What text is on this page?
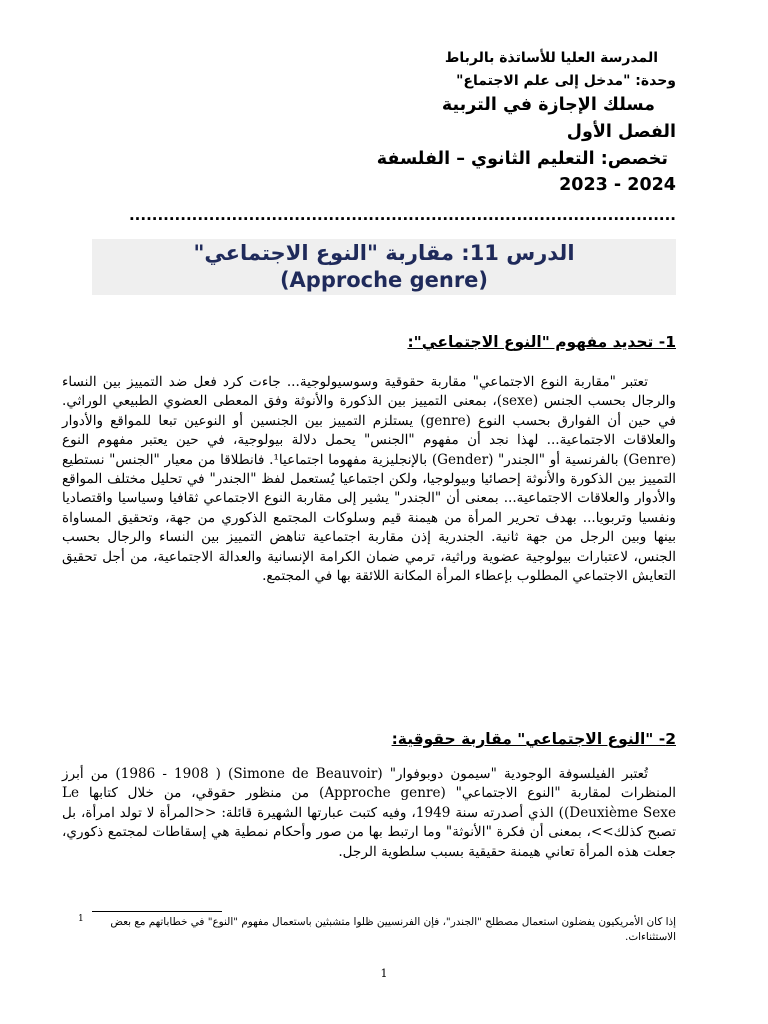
المدرسة العليا للأساتذة بالرباط
وحدة: "مدخل إلى علم الاجتماع"
مسلك الإجازة في التربية
الفصل الأول
تخصص: التعليم الثانوي – الفلسفة
2023 - 2024
................................................................................................
الدرس 11: مقاربة "النوع الاجتماعي"
(Approche genre)
1- تحديد مفهوم "النوع الاجتماعي":

تعتبر "مقاربة النوع الاجتماعي" مقاربة حقوقية وسوسيولوجية... جاءت كرد فعل ضد التمييز بين النساء والرجال بحسب الجنس (sexe)، بمعنى التمييز بين الذكورة والأنوثة وفق المعطى العضوي الطبيعي الوراثي. في حين أن الفوارق بحسب النوع (genre) يستلزم التمييز بين الجنسين أو النوعين تبعا للمواقع والأدوار والعلاقات الاجتماعية... لهذا نجد أن مفهوم "الجنس" يحمل دلالة بيولوجية، في حين يعتبر مفهوم النوع (Genre) بالفرنسية أو "الجندر" (Gender) بالإنجليزية مفهوما اجتماعيا¹. فانطلاقا من معيار "الجنس" نستطيع التمييز بين الذكورة والأنوثة إحصائيا وبيولوجيا، ولكن اجتماعيا يُستعمل لفظ "الجندر" في تحليل مختلف المواقع والأدوار والعلاقات الاجتماعية... بمعنى أن "الجندر" يشير إلى مقاربة النوع الاجتماعي ثقافيا وسياسيا واقتصاديا ونفسيا وتربويا... بهدف تحرير المرأة من هيمنة قيم وسلوكات المجتمع الذكوري من جهة، وتحقيق المساواة بينها وبين الرجل من جهة ثانية. الجندرية إذن مقاربة اجتماعية تناهض التمييز بين النساء والرجال بحسب الجنس، لاعتبارات بيولوجية عضوية وراثية، ترمي ضمان الكرامة الإنسانية والعدالة الاجتماعية، من أجل تحقيق التعايش الاجتماعي المطلوب بإعطاء المرأة المكانة اللائقة بها في المجتمع.

2- "النوع الاجتماعي" مقاربة حقوقية:

تُعتبر الفيلسوفة الوجودية "سيمون دوبوفوار" (Simone de Beauvoir) ( 1986 - 1908) من أبرز المنظرات لمقاربة "النوع الاجتماعي" (Approche genre) من منظور حقوقي، من خلال كتابها Le Deuxième Sexe)) الذي أصدرته سنة 1949، وفيه كتبت عبارتها الشهيرة قائلة: <<المرأة لا تولد امرأة، بل تصبح كذلك>>، بمعنى أن فكرة "الأنوثة" وما ارتبط بها من صور وأحكام نمطية هي إسقاطات لمجتمع ذكوري، جعلت هذه المرأة تعاني هيمنة حقيقية بسبب سلطوية الرجل.

1	إذا كان الأمريكيون يفضلون استعمال مصطلح "الجندر"، فإن الفرنسيين ظلوا متشبثين باستعمال مفهوم "النوع" في خطاباتهم مع بعض الاستثناءات.
1
